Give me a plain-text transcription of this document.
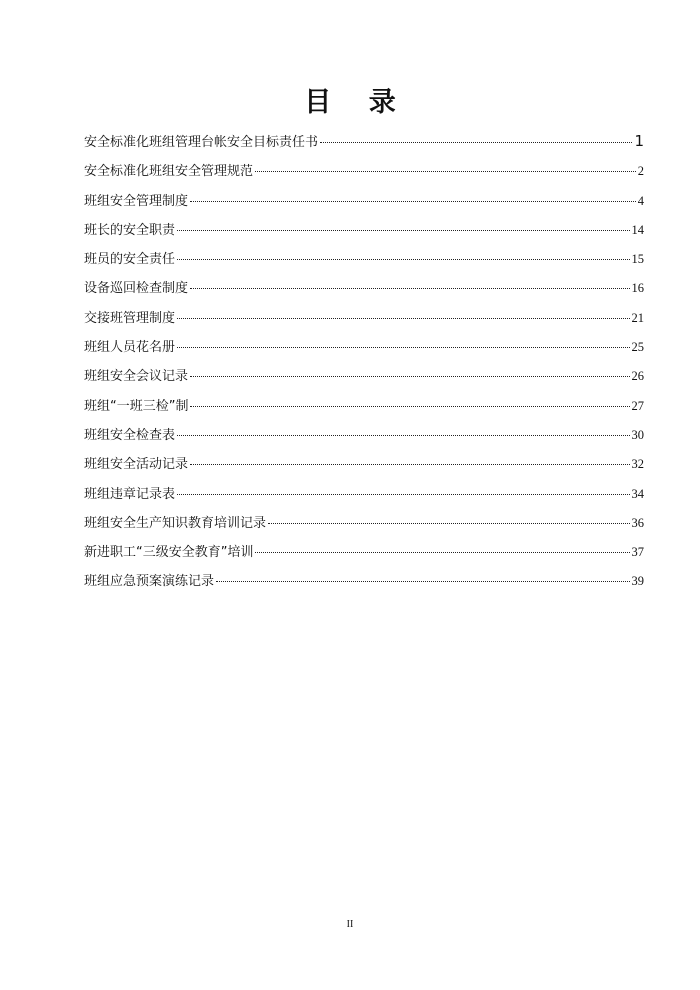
目 录
安全标准化班组管理台帐安全目标责任书	1
安全标准化班组安全管理规范	2
班组安全管理制度	4
班长的安全职责	14
班员的安全责任	15
设备巡回检查制度	16
交接班管理制度	21
班组人员花名册	25
班组安全会议记录	26
班组“一班三检”制	27
班组安全检查表	30
班组安全活动记录	32
班组违章记录表	34
班组安全生产知识教育培训记录	36
新进职工“三级安全教育”培训	37
班组应急预案演练记录	39
II
